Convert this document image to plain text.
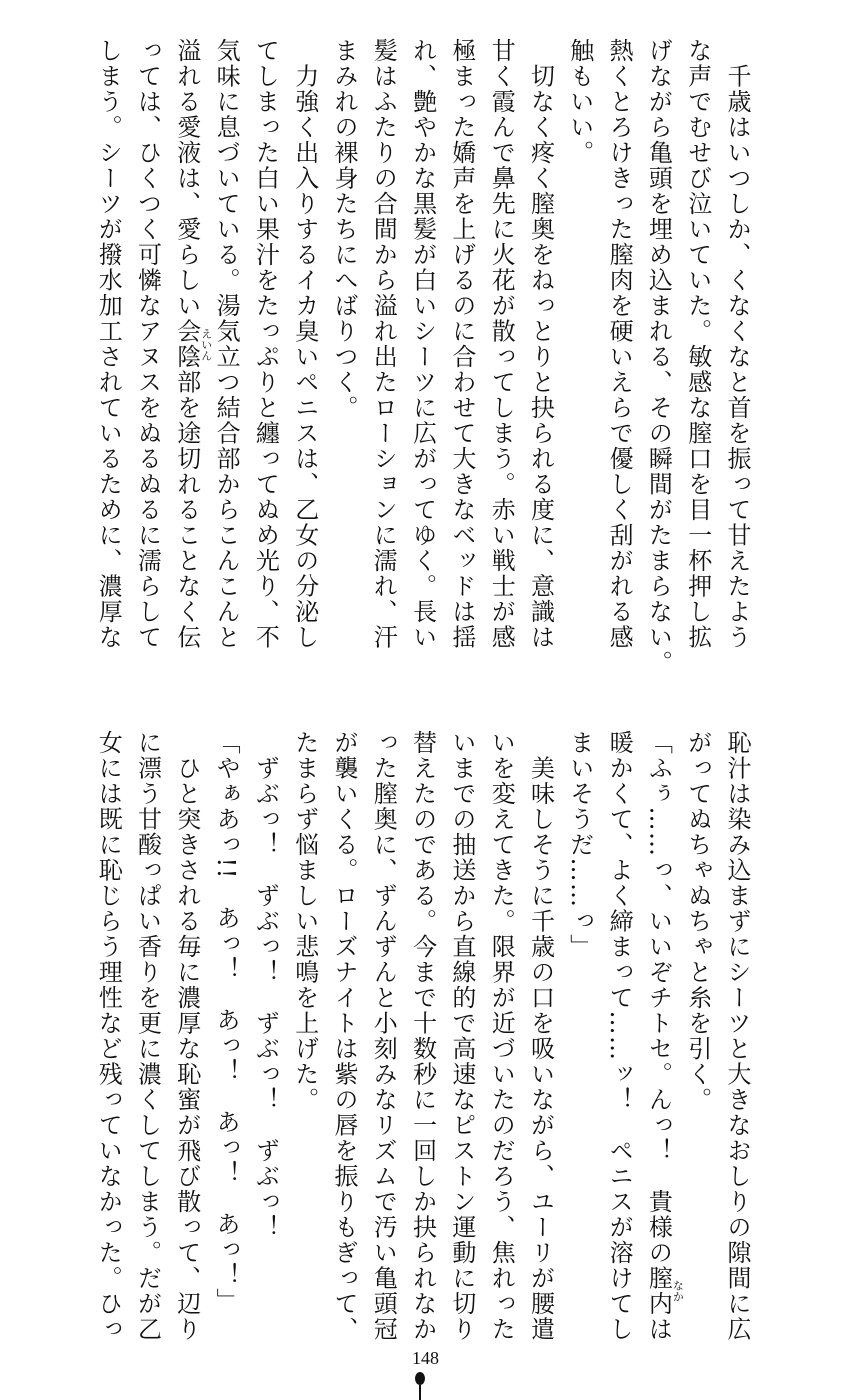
　千歳はいつしか、くなくなと首を振って甘えたよう
な声でむせび泣いていた。敏感な膣口を目一杯押し拡
げながら亀頭を埋め込まれる、その瞬間がたまらない。
熱くとろけきった膣肉を硬いえらで優しく刮がれる感
触もいい。
　切なく疼く膣奥をねっとりと抉られる度に、意識は
甘く霞んで鼻先に火花が散ってしまう。赤い戦士が感
極まった嬌声を上げるのに合わせて大きなベッドは揺
れ、艶やかな黒髪が白いシーツに広がってゆく。長い
髪はふたりの合間から溢れ出たローションに濡れ、汗
まみれの裸身たちにへばりつく。
　力強く出入りするイカ臭いペニスは、乙女の分泌し
てしまった白い果汁をたっぷりと纏ってぬめ光り、不
気味に息づいている。湯気立つ結合部からこんこんと
溢れる愛液は、愛らしい会陰部を途切れることなく伝
っては、ひくつく可憐なアヌスをぬるぬるに濡らして
しまう。シーツが撥水加工されているために、濃厚な
恥汁は染み込まずにシーツと大きなおしりの隙間に広
がってぬちゃぬちゃと糸を引く。
「ふぅ……っ、いいぞチトセ。んっ！　貴様の膣内は
暖かくて、よく締まって……ッ！　ペニスが溶けてし
まいそうだ……っ」
　美味しそうに千歳の口を吸いながら、ユーリが腰遣
いを変えてきた。限界が近づいたのだろう、焦れった
いまでの抽送から直線的で高速なピストン運動に切り
替えたのである。今まで十数秒に一回しか抉られなか
った膣奥に、ずんずんと小刻みなリズムで汚い亀頭冠
が襲いくる。ローズナイトは紫の唇を振りもぎって、
たまらず悩ましい悲鳴を上げた。
　ずぶっ！　ずぶっ！　ずぶっ！　ずぶっ！
「やぁあっ!!　あっ！　あっ！　あっ！　あっ！」
　ひと突きされる毎に濃厚な恥蜜が飛び散って、辺り
に漂う甘酸っぱい香りを更に濃くしてしまう。だが乙
女には既に恥じらう理性など残っていなかった。ひっ
えいん
なか
148
